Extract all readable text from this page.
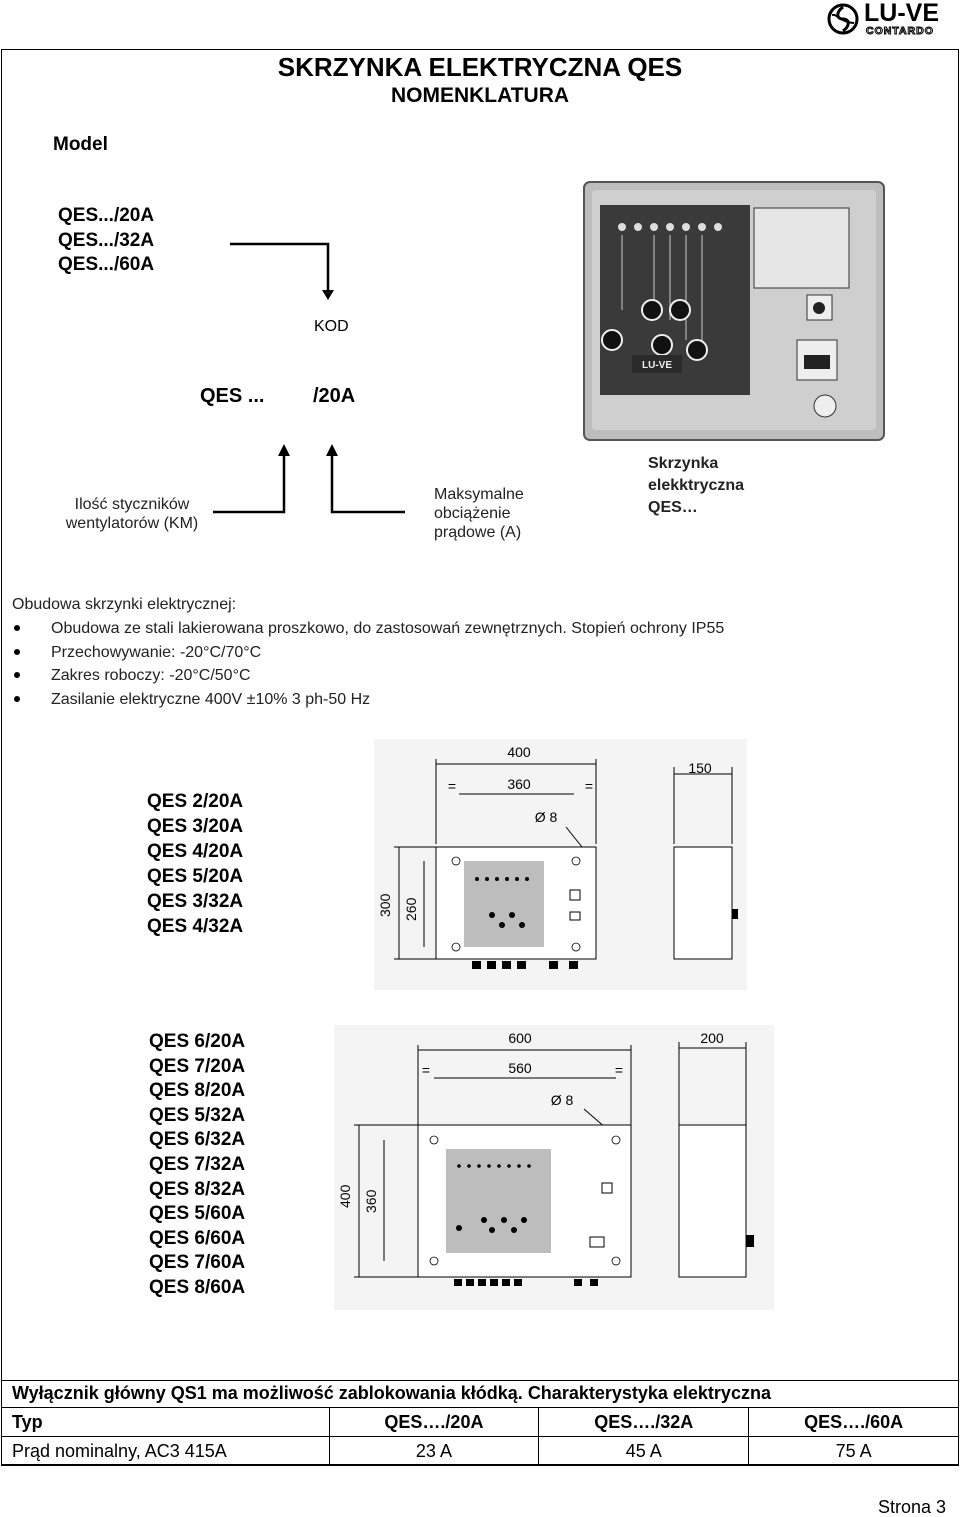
LU-VE
CONTARDO
SKRZYNKA ELEKTRYCZNA QES
NOMENKLATURA
Model
QES.../20A
QES.../32A
QES.../60A
KOD
QES ... /20A
Ilość styczników
wentylatorów (KM)
Maksymalne
obciążenie
prądowe (A)
Skrzynka
elekktryczna
QES…
LU-VE
Obudowa skrzynki elektrycznej:
Obudowa ze stali lakierowana proszkowo, do zastosowań zewnętrznych. Stopień ochrony IP55
Przechowywanie: -20°C/70°C
Zakres roboczy: -20°C/50°C
Zasilanie elektryczne 400V ±10% 3 ph-50 Hz
QES 2/20A
QES 3/20A
QES 4/20A
QES 5/20A
QES 3/32A
QES 4/32A
400
360
=	=
Ø 8
150
300 260
QES 6/20A
QES 7/20A
QES 8/20A
QES 5/32A
QES 6/32A
QES 7/32A
QES 8/32A
QES 5/60A
QES 6/60A
QES 7/60A
QES 8/60A
600
560
=	=
Ø 8
200
400 360
Wyłącznik główny QS1 ma możliwość zablokowania kłódką. Charakterystyka elektryczna
Typ	QES…./20A	QES…./32A	QES…./60A
Prąd nominalny, AC3 415A	23 A	45 A	75 A
Strona 3
